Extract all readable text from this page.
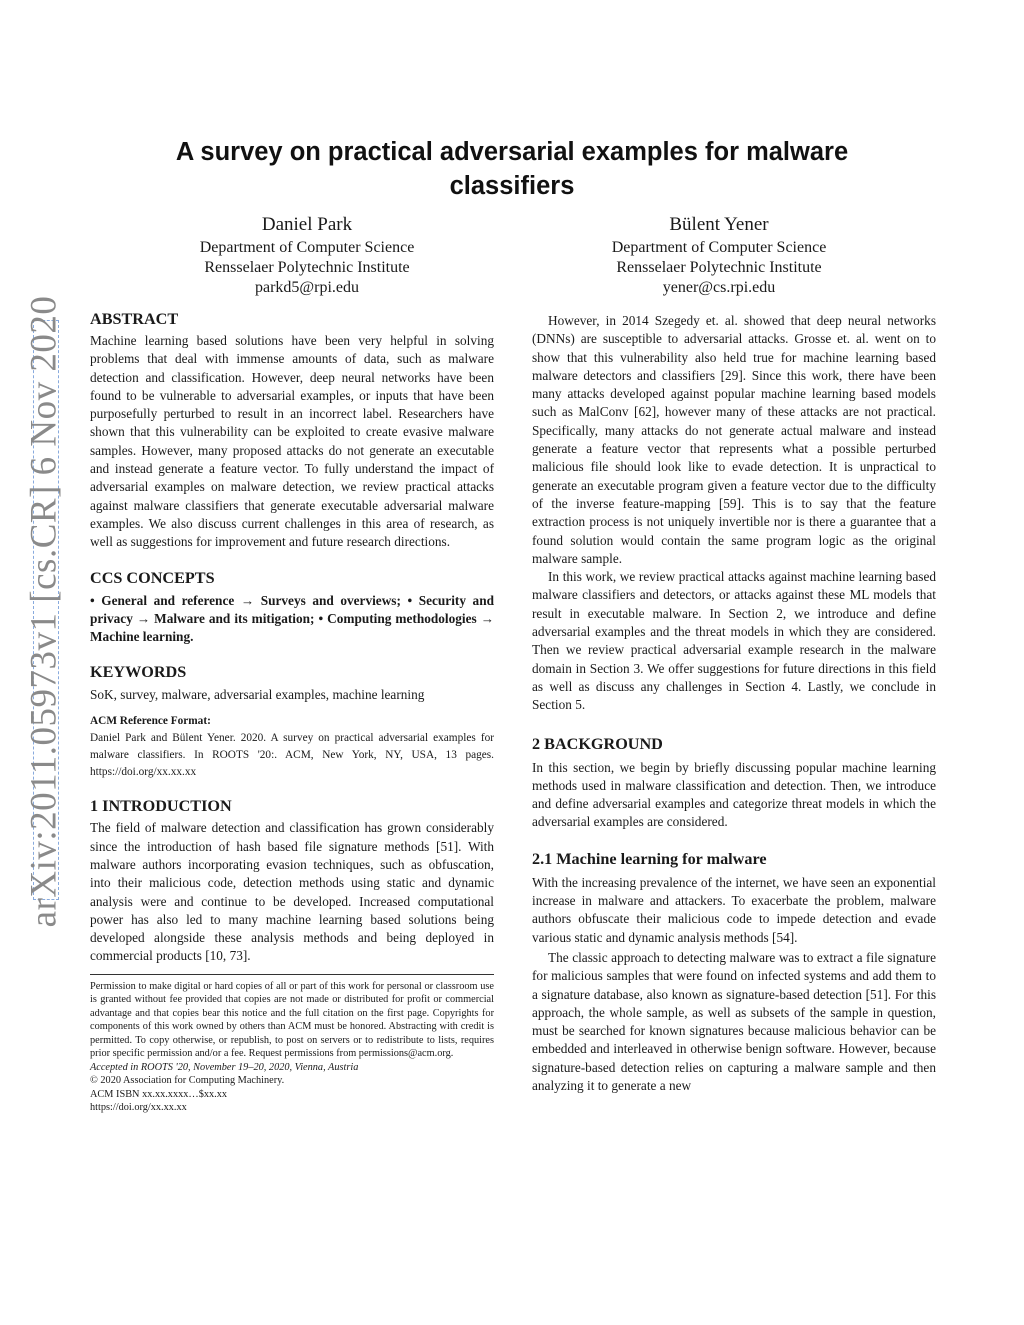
arXiv:2011.05973v1 [cs.CR] 6 Nov 2020
A survey on practical adversarial examples for malware classifiers
Daniel Park
Department of Computer Science
Rensselaer Polytechnic Institute
parkd5@rpi.edu
Bülent Yener
Department of Computer Science
Rensselaer Polytechnic Institute
yener@cs.rpi.edu
ABSTRACT

Machine learning based solutions have been very helpful in solving problems that deal with immense amounts of data, such as malware detection and classification. However, deep neural networks have been found to be vulnerable to adversarial examples, or inputs that have been purposefully perturbed to result in an incorrect label. Researchers have shown that this vulnerability can be exploited to create evasive malware samples. However, many proposed attacks do not generate an executable and instead generate a feature vector. To fully understand the impact of adversarial examples on malware detection, we review practical attacks against malware classifiers that generate executable adversarial malware examples. We also discuss current challenges in this area of research, as well as suggestions for improvement and future research directions.

CCS CONCEPTS

• General and reference → Surveys and overviews; • Security and privacy → Malware and its mitigation; • Computing methodologies → Machine learning.

KEYWORDS

SoK, survey, malware, adversarial examples, machine learning

ACM Reference Format:

Daniel Park and Bülent Yener. 2020. A survey on practical adversarial examples for malware classifiers. In ROOTS '20:. ACM, New York, NY, USA, 13 pages. https://doi.org/xx.xx.xx

1 INTRODUCTION

The field of malware detection and classification has grown considerably since the introduction of hash based file signature methods [51]. With malware authors incorporating evasion techniques, such as obfuscation, into their malicious code, detection methods using static and dynamic analysis were and continue to be developed. Increased computational power has also led to many machine learning based solutions being developed alongside these analysis methods and being deployed in commercial products [10, 73].

Permission to make digital or hard copies of all or part of this work for personal or classroom use is granted without fee provided that copies are not made or distributed for profit or commercial advantage and that copies bear this notice and the full citation on the first page. Copyrights for components of this work owned by others than ACM must be honored. Abstracting with credit is permitted. To copy otherwise, or republish, to post on servers or to redistribute to lists, requires prior specific permission and/or a fee. Request permissions from permissions@acm.org.

Accepted in ROOTS '20, November 19–20, 2020, Vienna, Austria

© 2020 Association for Computing Machinery.

ACM ISBN xx.xx.xxxx…$xx.xx

https://doi.org/xx.xx.xx

However, in 2014 Szegedy et. al. showed that deep neural networks (DNNs) are susceptible to adversarial attacks. Grosse et. al. went on to show that this vulnerability also held true for machine learning based malware detectors and classifiers [29]. Since this work, there have been many attacks developed against popular machine learning based models such as MalConv [62], however many of these attacks are not practical. Specifically, many attacks do not generate actual malware and instead generate a feature vector that represents what a possible perturbed malicious file should look like to evade detection. It is unpractical to generate an executable program given a feature vector due to the difficulty of the inverse feature-mapping [59]. This is to say that the feature extraction process is not uniquely invertible nor is there a guarantee that a found solution would contain the same program logic as the original malware sample.

In this work, we review practical attacks against machine learning based malware classifiers and detectors, or attacks against these ML models that result in executable malware. In Section 2, we introduce and define adversarial examples and the threat models in which they are considered. Then we review practical adversarial example research in the malware domain in Section 3. We offer suggestions for future directions in this field as well as discuss any challenges in Section 4. Lastly, we conclude in Section 5.

2 BACKGROUND

In this section, we begin by briefly discussing popular machine learning methods used in malware classification and detection. Then, we introduce and define adversarial examples and categorize threat models in which the adversarial examples are considered.

2.1 Machine learning for malware

With the increasing prevalence of the internet, we have seen an exponential increase in malware and attackers. To exacerbate the problem, malware authors obfuscate their malicious code to impede detection and evade various static and dynamic analysis methods [54].

The classic approach to detecting malware was to extract a file signature for malicious samples that were found on infected systems and add them to a signature database, also known as signature-based detection [51]. For this approach, the whole sample, as well as subsets of the sample in question, must be searched for known signatures because malicious behavior can be embedded and interleaved in otherwise benign software. However, because signature-based detection relies on capturing a malware sample and then analyzing it to generate a new
